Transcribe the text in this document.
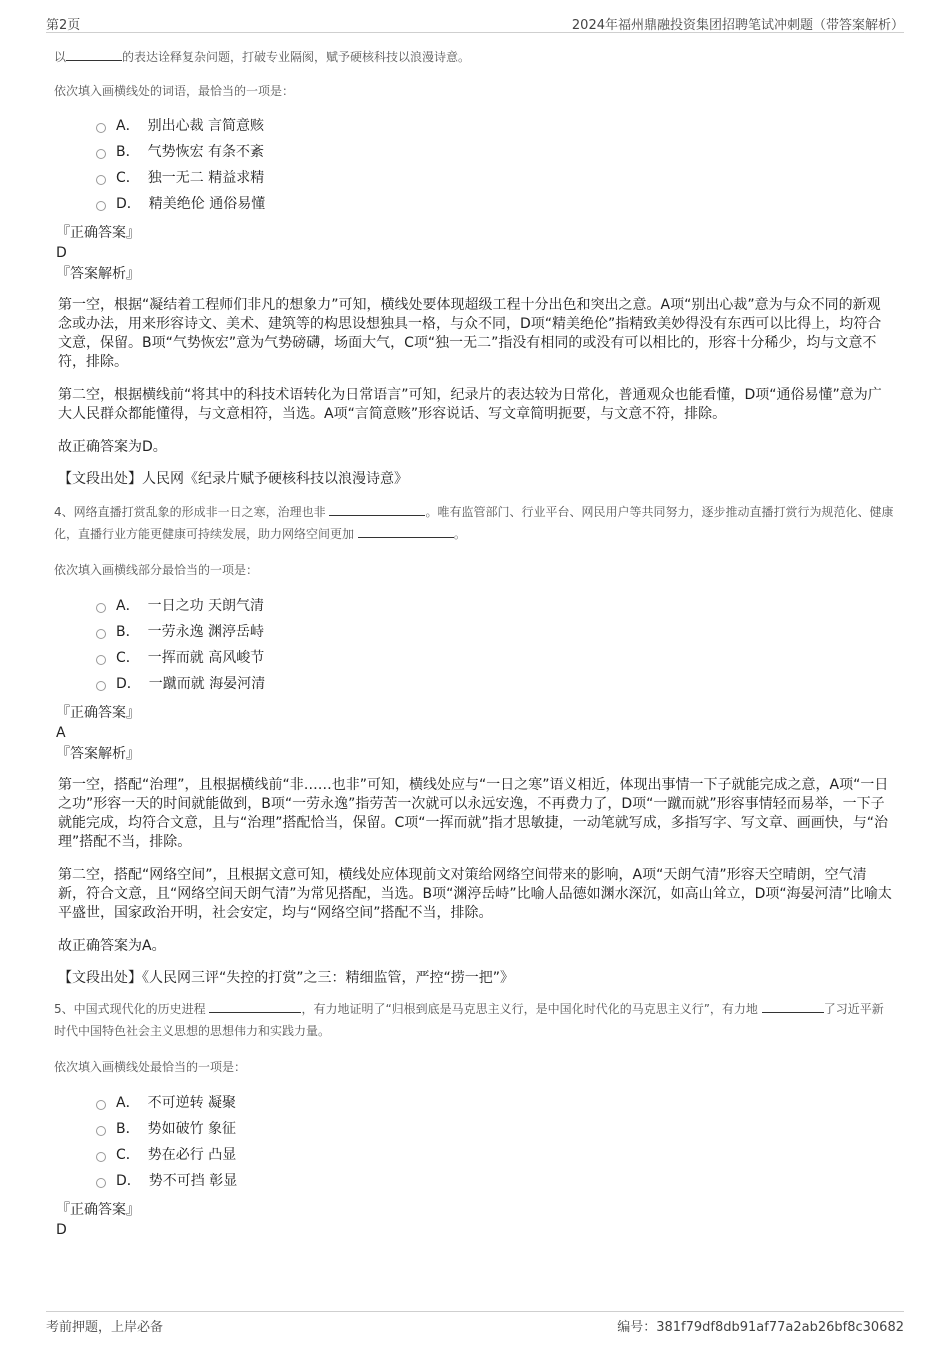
第2页	2024年福州鼎融投资集团招聘笔试冲刺题（带答案解析）

以	的表达诠释复杂问题，打破专业隔阂，赋予硬核科技以浪漫诗意。

依次填入画横线处的词语，最恰当的一项是：
A． 别出心裁 言简意赅
B． 气势恢宏 有条不紊
C． 独一无二 精益求精
D． 精美绝伦 通俗易懂
『正确答案』
D
『答案解析』
第一空，根据“凝结着工程师们非凡的想象力”可知，横线处要体现超级工程十分出色和突出之意。A项“别出心裁”意为与众不同的新观念或办法，用来形容诗文、美术、建筑等的构思设想独具一格，与众不同，D项“精美绝伦”指精致美妙得没有东西可以比得上，均符合文意，保留。B项“气势恢宏”意为气势磅礴，场面大气，C项“独一无二”指没有相同的或没有可以相比的，形容十分稀少，均与文意不符，排除。
第二空，根据横线前“将其中的科技术语转化为日常语言”可知，纪录片的表达较为日常化，普通观众也能看懂，D项“通俗易懂”意为广大人民群众都能懂得，与文意相符，当选。A项“言简意赅”形容说话、写文章简明扼要，与文意不符，排除。
故正确答案为D。
【文段出处】人民网《纪录片赋予硬核科技以浪漫诗意》

4、网络直播打赏乱象的形成非一日之寒，治理也非	。唯有监管部门、行业平台、网民用户等共同努力，逐步推动直播打赏行为规范化、健康化，直播行业方能更健康可持续发展，助力网络空间更加	。

依次填入画横线部分最恰当的一项是：
A． 一日之功 天朗气清
B． 一劳永逸 渊渟岳峙
C． 一挥而就 高风峻节
D． 一蹴而就 海晏河清
『正确答案』
A
『答案解析』
第一空，搭配“治理”，且根据横线前“非……也非”可知，横线处应与“一日之寒”语义相近，体现出事情一下子就能完成之意，A项“一日之功”形容一天的时间就能做到，B项“一劳永逸”指劳苦一次就可以永远安逸，不再费力了，D项“一蹴而就”形容事情轻而易举，一下子就能完成，均符合文意，且与“治理”搭配恰当，保留。C项“一挥而就”指才思敏捷，一动笔就写成，多指写字、写文章、画画快，与“治理”搭配不当，排除。
第二空，搭配“网络空间”，且根据文意可知，横线处应体现前文对策给网络空间带来的影响，A项“天朗气清”形容天空晴朗，空气清新，符合文意，且“网络空间天朗气清”为常见搭配，当选。B项“渊渟岳峙”比喻人品德如渊水深沉，如高山耸立，D项“海晏河清”比喻太平盛世，国家政治开明，社会安定，均与“网络空间”搭配不当，排除。
故正确答案为A。
【文段出处】《人民网三评“失控的打赏”之三：精细监管，严控“捞一把”》

5、中国式现代化的历史进程	，有力地证明了“归根到底是马克思主义行，是中国化时代化的马克思主义行”，有力地	了习近平新时代中国特色社会主义思想的思想伟力和实践力量。

依次填入画横线处最恰当的一项是：
A． 不可逆转 凝聚
B． 势如破竹 象征
C． 势在必行 凸显
D． 势不可挡 彰显
『正确答案』
D
考前押题，上岸必备	编号：381f79df8db91af77a2ab26bf8c30682
